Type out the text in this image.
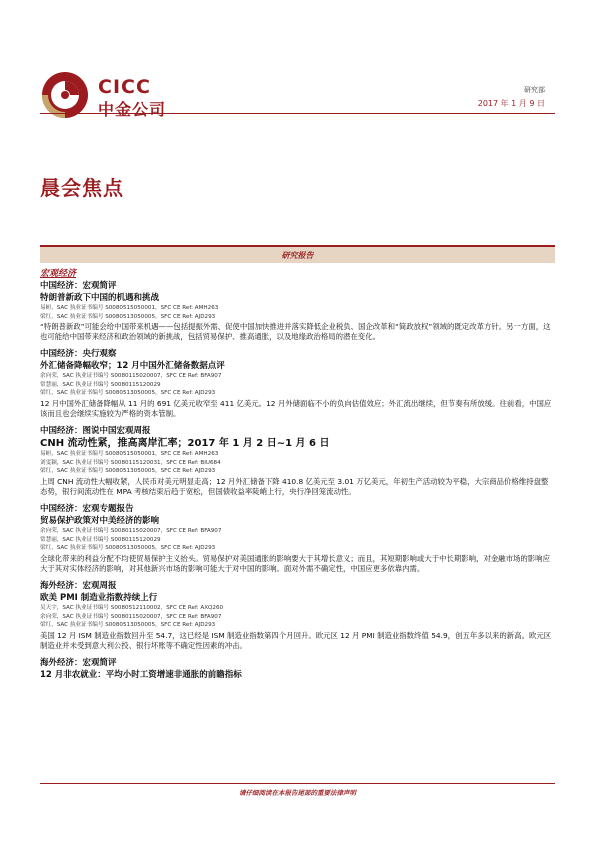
CICC
中金公司
研究部
2017 年 1 月 9 日
晨会焦点
研究报告
宏观经济
中国经济：宏观简评
特朗普新政下中国的机遇和挑战
易峘，SAC 执业证书编号 S0080515050001，SFC CE Ref: AMH263
梁红，SAC 执业证书编号 S0080513050005，SFC CE Ref: AJD293
“特朗普新政”可能会给中国带来机遇——包括提振外需、促使中国加快推进并落实降低企业税负、国企改革和“简政放权”领域的既定改革方针。另一方面，这也可能给中国带来经济和政治领域的新挑战，包括贸易保护、推高通胀，以及地缘政治格局的潜在变化。
中国经济：央行观察
外汇储备降幅收窄；12 月中国外汇储备数据点评
余向荣，SAC 执业证书编号 S0080115020007，SFC CE Ref: BFA907
常慧丽，SAC 执业证书编号 S0080115120029
梁红，SAC 执业证书编号 S0080513050005，SFC CE Ref: AJD293
12 月中国外汇储备降幅从 11 月的 691 亿美元收窄至 411 亿美元。12 月外储面临不小的负向估值效应；外汇流出继续，但节奏有所放缓。往前看，中国应该而且也会继续实施较为严格的资本管制。
中国经济：图说中国宏观周报
CNH 流动性紧，推高离岸汇率；2017 年 1 月 2 日~1 月 6 日
易峘，SAC 执业证书编号 S0080515050001，SFC CE Ref: AMH263
刘雯颖，SAC 执业证书编号 S0080115120031，SFC CE Ref: BIU684
梁红，SAC 执业证书编号 S0080513050005，SFC CE Ref: AJD293
上周 CNH 流动性大幅收紧，人民币对美元明显走高；12 月外汇储备下降 410.8 亿美元至 3.01 万亿美元，年初生产活动较为平稳，大宗商品价格维持盘整态势，银行间流动性在 MPA 考核结束后趋于宽松，但国债收益率陡峭上行，央行净回笼流动性。
中国经济：宏观专题报告
贸易保护政策对中美经济的影响
余向荣，SAC 执业证书编号 S0080115020007，SFC CE Ref: BFA907
常慧丽，SAC 执业证书编号 S0080115120029
梁红，SAC 执业证书编号 S0080513050005，SFC CE Ref: AJD293
全球化带来的利益分配不均使贸易保护主义抬头。贸易保护对美国通胀的影响要大于其增长意义；而且，其短期影响或大于中长期影响，对金融市场的影响应大于其对实体经济的影响，对其他新兴市场的影响可能大于对中国的影响。面对外需不确定性，中国应更多依靠内需。
海外经济：宏观周报
欧美 PMI 制造业指数持续上行
吴天宇，SAC 执业证书编号 S0080512110002，SFC CE Ref: AXQ260
余向荣，SAC 执业证书编号 S0080115020007，SFC CE Ref: BFA907
梁红，SAC 执业证书编号 S0080513050005，SFC CE Ref: AJD293
美国 12 月 ISM 制造业指数回升至 54.7，这已经是 ISM 制造业指数第四个月回升。欧元区 12 月 PMI 制造业指数终值 54.9，创五年多以来的新高。欧元区制造业并未受到意大利公投、银行坏账等不确定性因素的冲击。
海外经济：宏观简评
12 月非农就业：平均小时工资增速非通胀的前瞻指标
请仔细阅读在本报告尾部的重要法律声明
